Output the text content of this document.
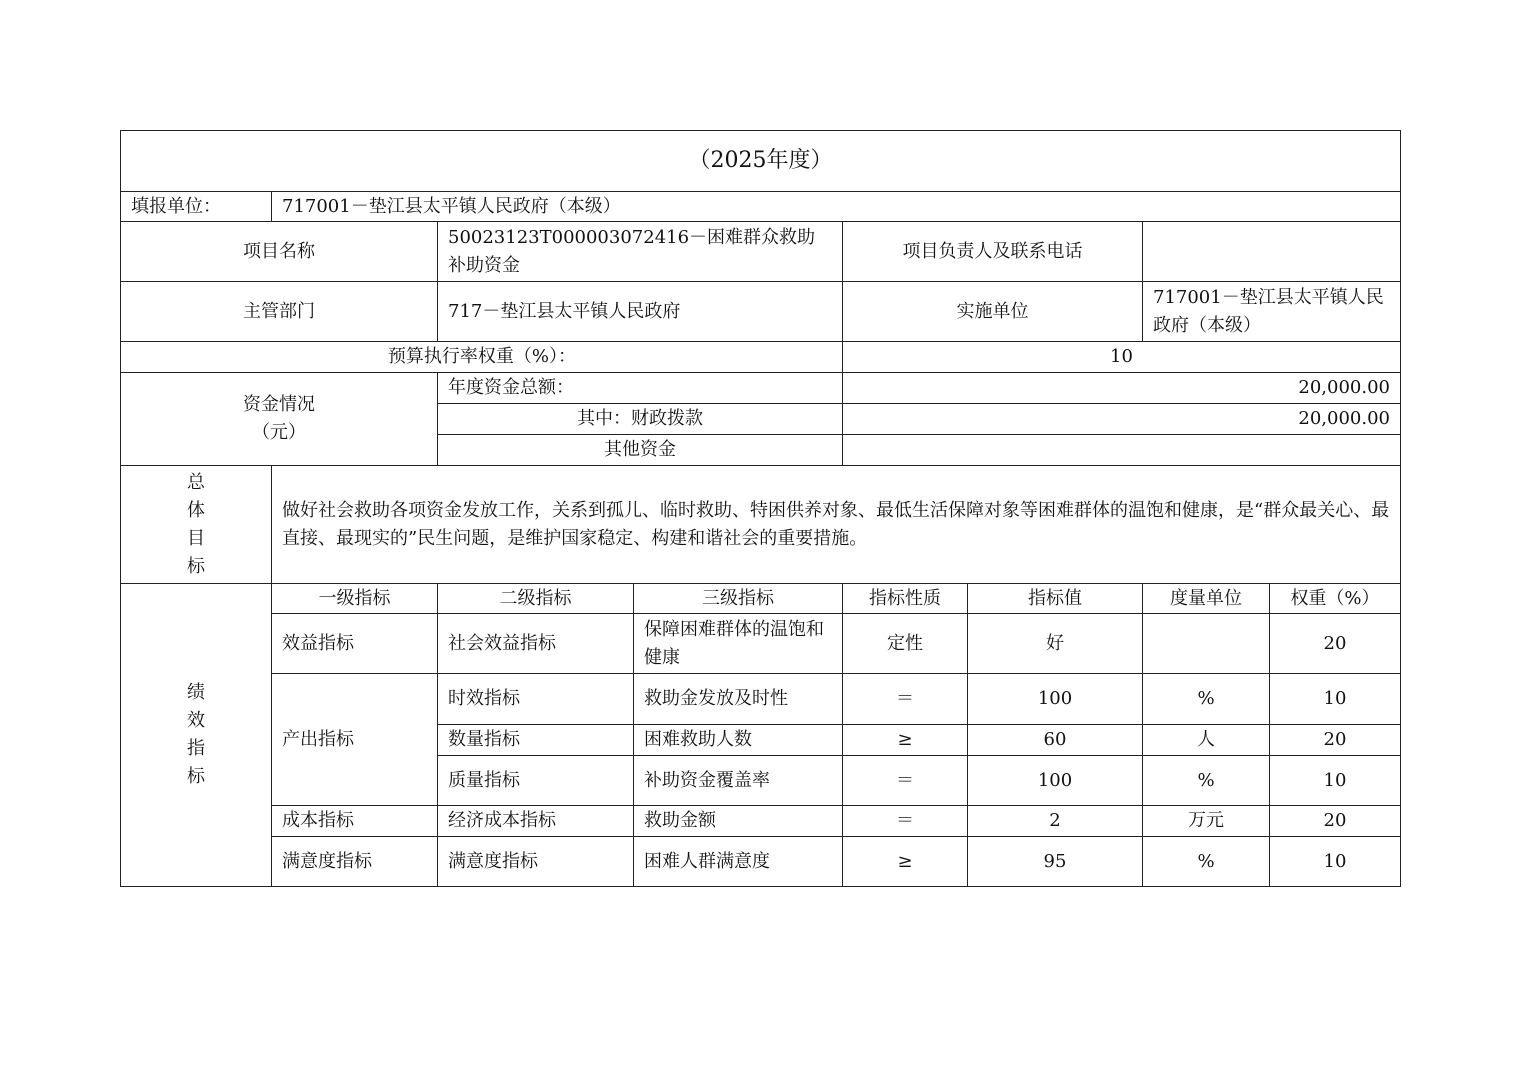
（2025年度）							
填报单位：	717001－垫江县太平镇人民政府（本级）						
项目名称		50023123T000003072416－困难群众救助补助资金		项目负责人及联系电话			
主管部门		717－垫江县太平镇人民政府		实施单位		717001－垫江县太平镇人民政府（本级）	
预算执行率权重（%）：				10			

资金情况
（元）		年度资金总额：		20,000.00			
		其中：财政拨款		20,000.00			
		其他资金					

总
体
目
标	做好社会救助各项资金发放工作，关系到孤儿、临时救助、特困供养对象、最低生活保障对象等困难群体的温饱和健康，是“群众最关心、最直接、最现实的”民生问题，是维护国家稳定、构建和谐社会的重要措施。						

绩
效
指
标	一级指标	二级指标	三级指标	指标性质	指标值	度量单位	权重（%）
	效益指标	社会效益指标	保障困难群体的温饱和健康	定性	好		20
	产出指标	时效指标	救助金发放及时性	＝	100	%	10
		数量指标	困难救助人数	≥	60	人	20
		质量指标	补助资金覆盖率	＝	100	%	10
	成本指标	经济成本指标	救助金额	＝	2	万元	20
	满意度指标	满意度指标	困难人群满意度	≥	95	%	10
